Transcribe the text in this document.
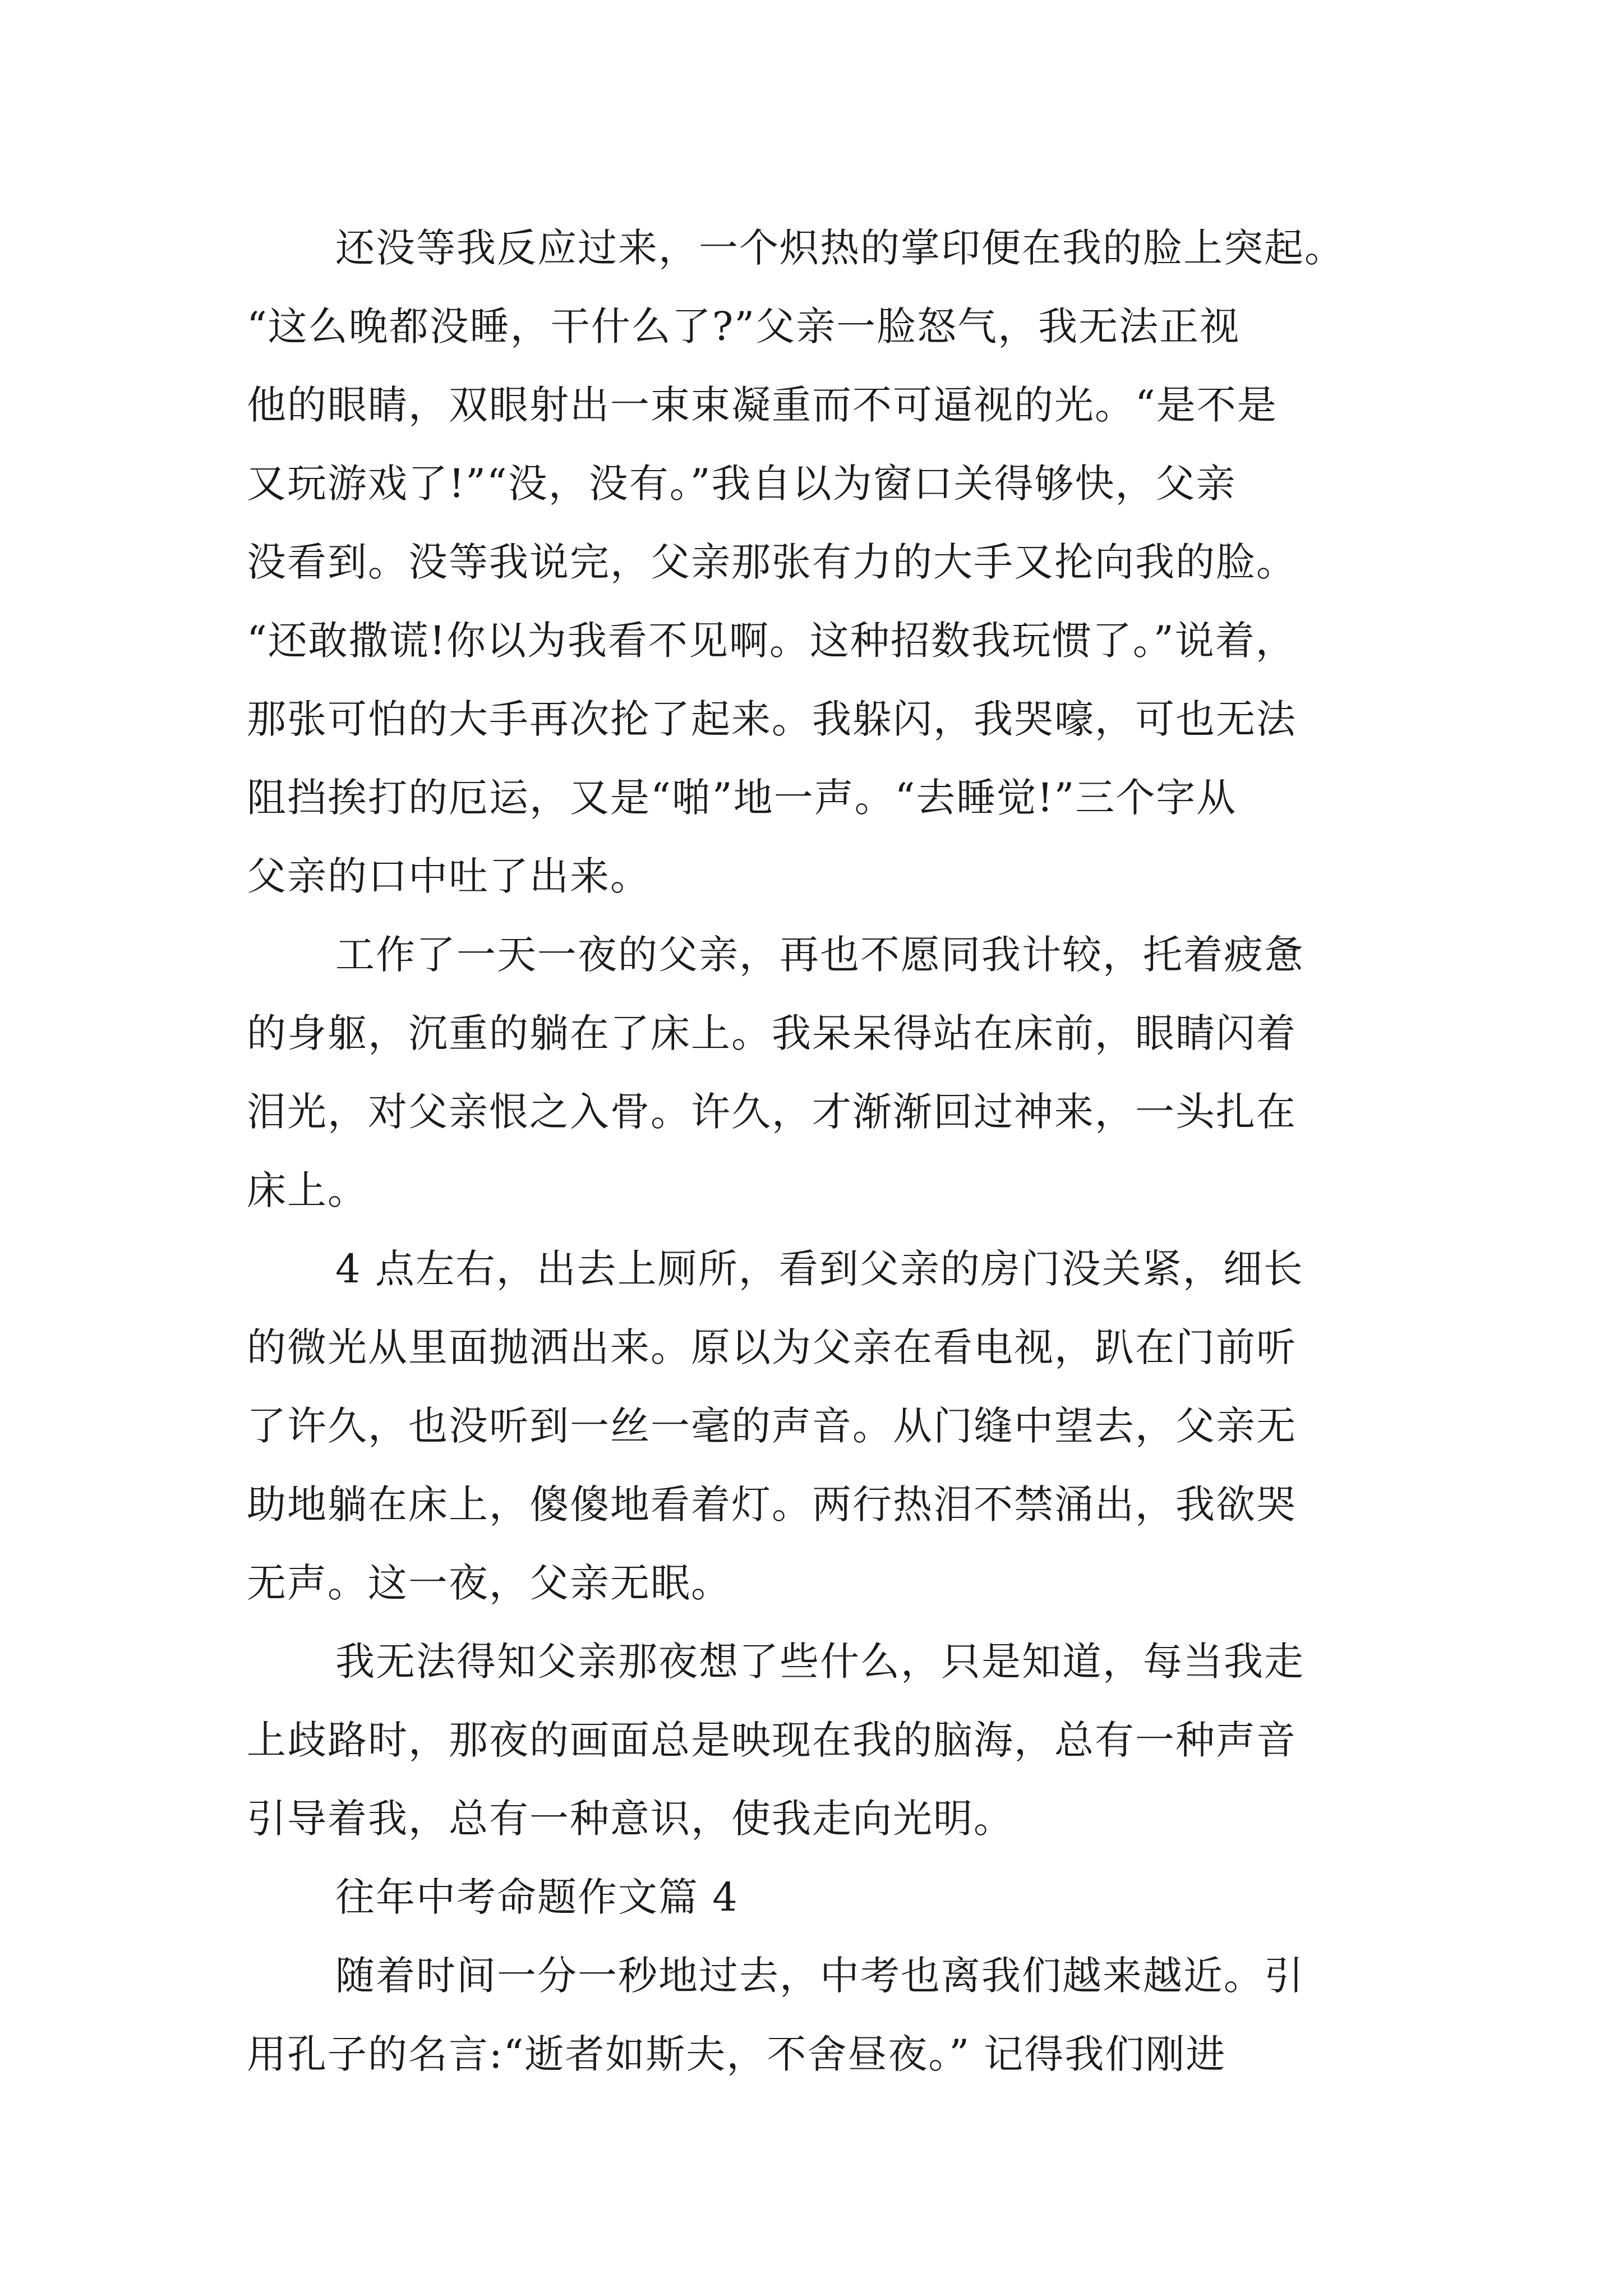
还没等我反应过来，一个炽热的掌印便在我的脸上突起。
“这么晚都没睡，干什么了?”父亲一脸怒气，我无法正视
他的眼睛，双眼射出一束束凝重而不可逼视的光。“是不是
又玩游戏了!”“没，没有。”我自以为窗口关得够快，父亲
没看到。没等我说完，父亲那张有力的大手又抡向我的脸。
“还敢撒谎!你以为我看不见啊。这种招数我玩惯了。”说着，
那张可怕的大手再次抡了起来。我躲闪，我哭嚎，可也无法
阻挡挨打的厄运，又是“啪”地一声。“去睡觉!”三个字从
父亲的口中吐了出来。
工作了一天一夜的父亲，再也不愿同我计较，托着疲惫
的身躯，沉重的躺在了床上。我呆呆得站在床前，眼睛闪着
泪光，对父亲恨之入骨。许久，才渐渐回过神来，一头扎在
床上。
4 点左右，出去上厕所，看到父亲的房门没关紧，细长
的微光从里面抛洒出来。原以为父亲在看电视，趴在门前听
了许久，也没听到一丝一毫的声音。从门缝中望去，父亲无
助地躺在床上，傻傻地看着灯。两行热泪不禁涌出，我欲哭
无声。这一夜，父亲无眠。
我无法得知父亲那夜想了些什么，只是知道，每当我走
上歧路时，那夜的画面总是映现在我的脑海，总有一种声音
引导着我，总有一种意识，使我走向光明。
往年中考命题作文篇 4
随着时间一分一秒地过去，中考也离我们越来越近。引
用孔子的名言:“逝者如斯夫，不舍昼夜。” 记得我们刚进
